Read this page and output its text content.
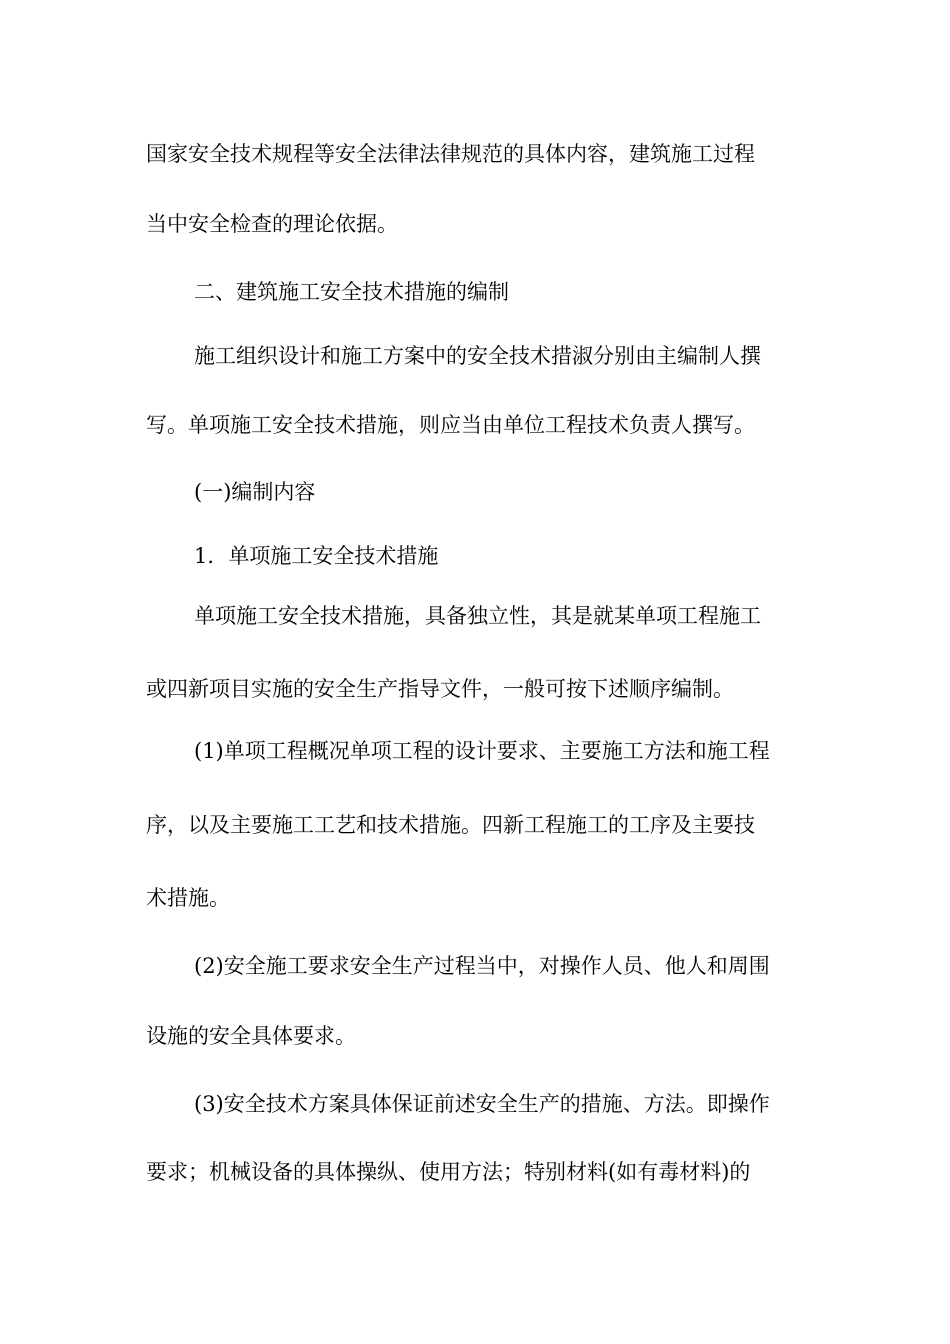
国家安全技术规程等安全法律法律规范的具体内容，建筑施工过程
当中安全检查的理论依据。
二、建筑施工安全技术措施的编制
施工组织设计和施工方案中的安全技术措淑分别由主编制人撰
写。单项施工安全技术措施，则应当由单位工程技术负责人撰写。
(一)编制内容
1．单项施工安全技术措施
单项施工安全技术措施，具备独立性，其是就某单项工程施工
或四新项目实施的安全生产指导文件，一般可按下述顺序编制。
(1)单项工程概况单项工程的设计要求、主要施工方法和施工程
序，以及主要施工工艺和技术措施。四新工程施工的工序及主要技
术措施。
(2)安全施工要求安全生产过程当中，对操作人员、他人和周围
设施的安全具体要求。
(3)安全技术方案具体保证前述安全生产的措施、方法。即操作
要求；机械设备的具体操纵、使用方法；特别材料(如有毒材料)的
